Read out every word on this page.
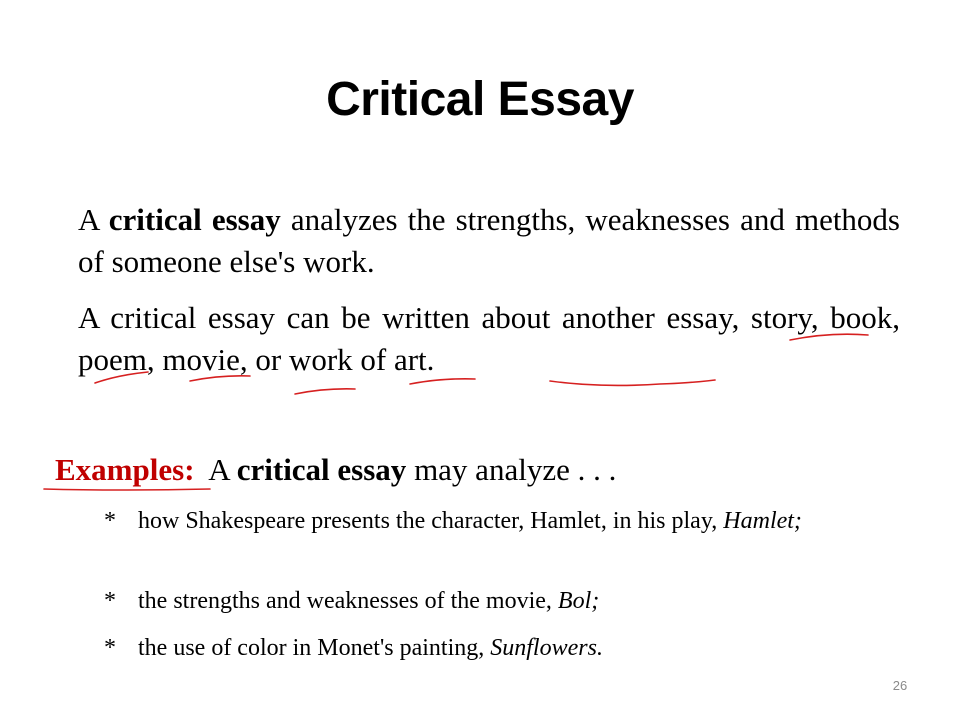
Critical Essay
A critical essay analyzes the strengths, weaknesses and methods of someone else's work.
A critical essay can be written about another essay, story, book, poem, movie, or work of art.
Examples:  A critical essay may analyze . . .
* how Shakespeare presents the character, Hamlet, in his play, Hamlet;
* the strengths and weaknesses of the movie, Bol;
* the use of color in Monet's painting, Sunflowers.
26
